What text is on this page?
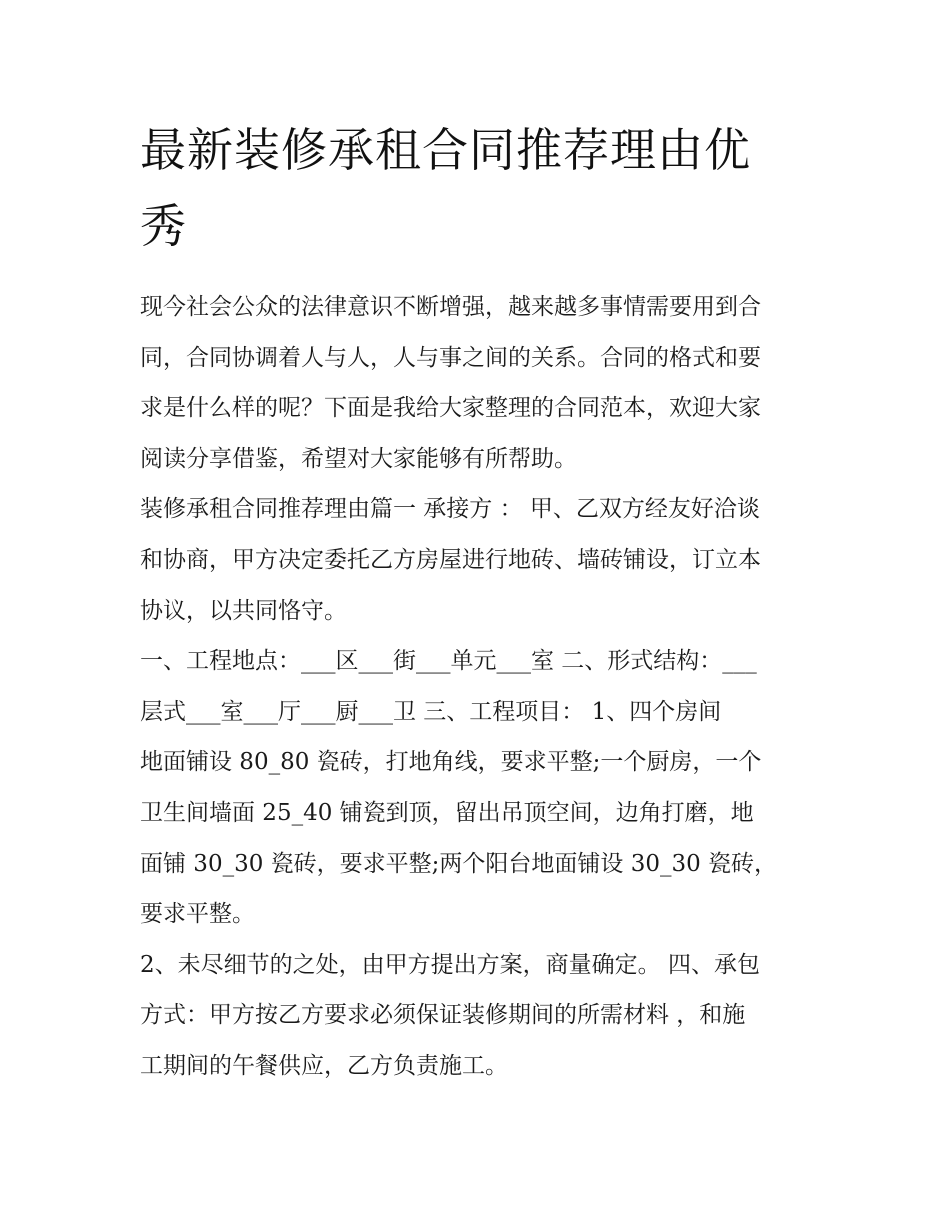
最新装修承租合同推荐理由优
秀

现今社会公众的法律意识不断增强，越来越多事情需要用到合
同，合同协调着人与人，人与事之间的关系。合同的格式和要
求是什么样的呢？下面是我给大家整理的合同范本，欢迎大家
阅读分享借鉴，希望对大家能够有所帮助。

装修承租合同推荐理由篇一 承接方 ： 甲、乙双方经友好洽谈
和协商，甲方决定委托乙方房屋进行地砖、墙砖铺设，订立本
协议，以共同恪守。

一、工程地点：___区___街___单元___室 二、形式结构：___
层式___室___厅___厨___卫 三、工程项目： 1、四个房间
地面铺设 80_80 瓷砖，打地角线，要求平整;一个厨房，一个
卫生间墙面 25_40 铺瓷到顶，留出吊顶空间，边角打磨，地
面铺 30_30 瓷砖，要求平整;两个阳台地面铺设 30_30 瓷砖，
要求平整。

2、未尽细节的之处，由甲方提出方案，商量确定。 四、承包
方式：甲方按乙方要求必须保证装修期间的所需材料 ，和施
工期间的午餐供应，乙方负责施工。
